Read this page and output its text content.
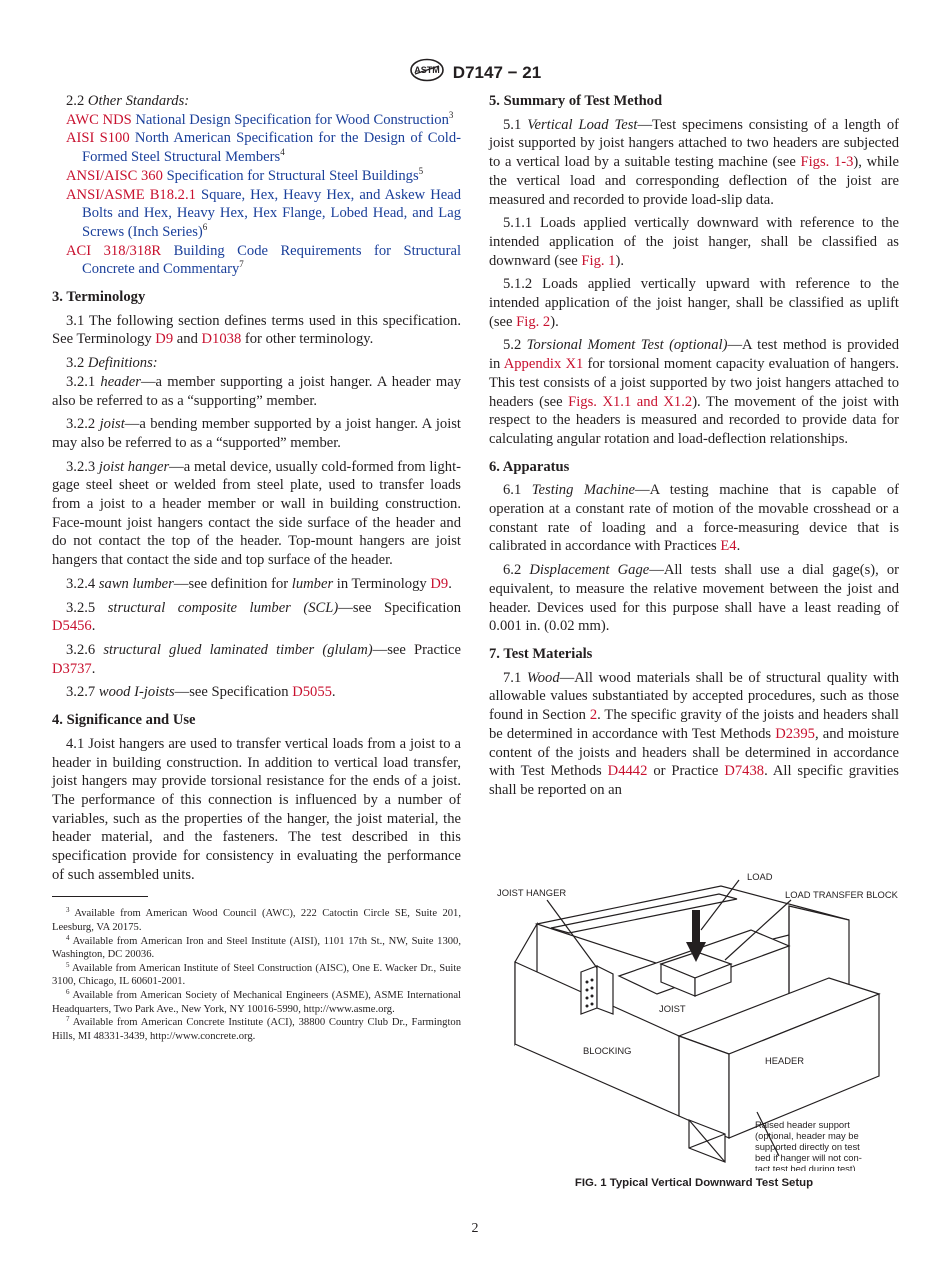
ASTM D7147 − 21

2.2 Other Standards:

AWC NDS National Design Specification for Wood Construction$^3$

AISI S100 North American Specification for the Design of Cold-Formed Steel Structural Members$^4$

ANSI/AISC 360 Specification for Structural Steel Buildings$^5$

ANSI/ASME B18.2.1 Square, Hex, Heavy Hex, and Askew Head Bolts and Hex, Heavy Hex, Hex Flange, Lobed Head, and Lag Screws (Inch Series)$^6$

ACI 318/318R Building Code Requirements for Structural Concrete and Commentary$^7$

3. Terminology

3.1 The following section defines terms used in this specification. See Terminology D9 and D1038 for other terminology.

3.2 Definitions:

3.2.1 header—a member supporting a joist hanger. A header may also be referred to as a “supporting” member.

3.2.2 joist—a bending member supported by a joist hanger. A joist may also be referred to as a “supported” member.

3.2.3 joist hanger—a metal device, usually cold-formed from light-gage steel sheet or welded from steel plate, used to transfer loads from a joist to a header member or wall in building construction. Face-mount joist hangers contact the side surface of the header and do not contact the top of the header. Top-mount hangers are joist hangers that contact the side and top surface of the header.

3.2.4 sawn lumber—see definition for lumber in Terminology D9.

3.2.5 structural composite lumber (SCL)—see Specification D5456.

3.2.6 structural glued laminated timber (glulam)—see Practice D3737.

3.2.7 wood I-joists—see Specification D5055.

4. Significance and Use

4.1 Joist hangers are used to transfer vertical loads from a joist to a header in building construction. In addition to vertical load transfer, joist hangers may provide torsional resistance for the ends of a joist. The performance of this connection is influenced by a number of variables, such as the properties of the hanger, the joist material, the header material, and the fasteners. The test described in this specification provide for consistency in evaluating the performance of such assembled units.

$^3$ Available from American Wood Council (AWC), 222 Catoctin Circle SE, Suite 201, Leesburg, VA 20175.

$^4$ Available from American Iron and Steel Institute (AISI), 1101 17th St., NW, Suite 1300, Washington, DC 20036.

$^5$ Available from American Institute of Steel Construction (AISC), One E. Wacker Dr., Suite 3100, Chicago, IL 60601-2001.

$^6$ Available from American Society of Mechanical Engineers (ASME), ASME International Headquarters, Two Park Ave., New York, NY 10016-5990, http://www.asme.org.

$^7$ Available from American Concrete Institute (ACI), 38800 Country Club Dr., Farmington Hills, MI 48331-3439, http://www.concrete.org.

5. Summary of Test Method

5.1 Vertical Load Test—Test specimens consisting of a length of joist supported by joist hangers attached to two headers are subjected to a vertical load by a suitable testing machine (see Figs. 1-3), while the vertical load and corresponding deflection of the joist are measured and recorded to provide load-slip data.

5.1.1 Loads applied vertically downward with reference to the intended application of the joist hanger, shall be classified as downward (see Fig. 1).

5.1.2 Loads applied vertically upward with reference to the intended application of the joist hanger, shall be classified as uplift (see Fig. 2).

5.2 Torsional Moment Test (optional)—A test method is provided in Appendix X1 for torsional moment capacity evaluation of hangers. This test consists of a joist supported by two joist hangers attached to headers (see Figs. X1.1 and X1.2). The movement of the joist with respect to the headers is measured and recorded to provide data for calculating angular rotation and load-deflection relationships.

6. Apparatus

6.1 Testing Machine—A testing machine that is capable of operation at a constant rate of motion of the movable crosshead or a constant rate of loading and a force-measuring device that is calibrated in accordance with Practices E4.

6.2 Displacement Gage—All tests shall use a dial gage(s), or equivalent, to measure the relative movement between the joist and header. Devices used for this purpose shall have a least reading of 0.001 in. (0.02 mm).

7. Test Materials

7.1 Wood—All wood materials shall be of structural quality with allowable values substantiated by accepted procedures, such as those found in Section 2. The specific gravity of the joists and headers shall be determined in accordance with Test Methods D2395, and moisture content of the joists and headers shall be determined in accordance with Test Methods D4442 or Practice D7438. All specific gravities shall be reported on an

LOAD
JOIST HANGER	LOAD TRANSFER BLOCK
JOIST
BLOCKING
HEADER
Raised header support
(optional, header may be
supported directly on test
bed if hanger will not con-
tact test bed during test)
FIG. 1 Typical Vertical Downward Test Setup
2
